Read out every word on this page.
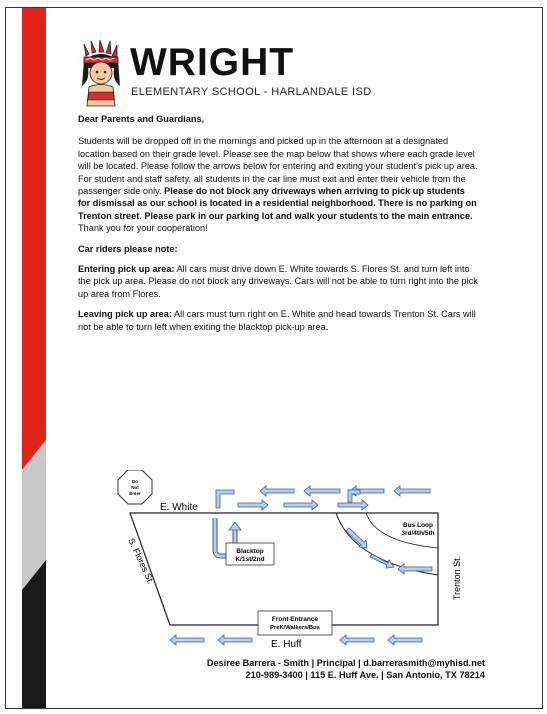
WRIGHT
ELEMENTARY SCHOOL - HARLANDALE ISD

Dear Parents and Guardians,

Students will be dropped off in the mornings and picked up in the afternoon at a designated location based on their grade level. Please see the map below that shows where each grade level will be located. Please follow the arrows below for entering and exiting your student's pick up area. For student and staff safety, all students in the car line must exit and enter their vehicle from the passenger side only. Please do not block any driveways when arriving to pick up students for dismissal as our school is located in a residential neighborhood. There is no parking on Trenton street. Please park in our parking lot and walk your students to the main entrance. Thank you for your cooperation!

Car riders please note:

Entering pick up area: All cars must drive down E. White towards S. Flores St. and turn left into the pick up area. Please do not block any driveways. Cars will not be able to turn right into the pick up area from Flores.

Leaving pick up area: All cars must turn right on E. White and head towards Trenton St. Cars will not be able to turn left when exiting the blacktop pick-up area.

Do
Not
Enter
E. White
S. Flores St.	Trenton St.
E. Huff
Blacktop
K/1st/2nd
Bus Loop
3rd/4th/5th
Front Entrance
PreK/Walkers/Bus
Desiree Barrera - Smith | Principal | d.barrerasmith@myhisd.net
210-989-3400 | 115 E. Huff Ave. | San Antonio, TX 78214
